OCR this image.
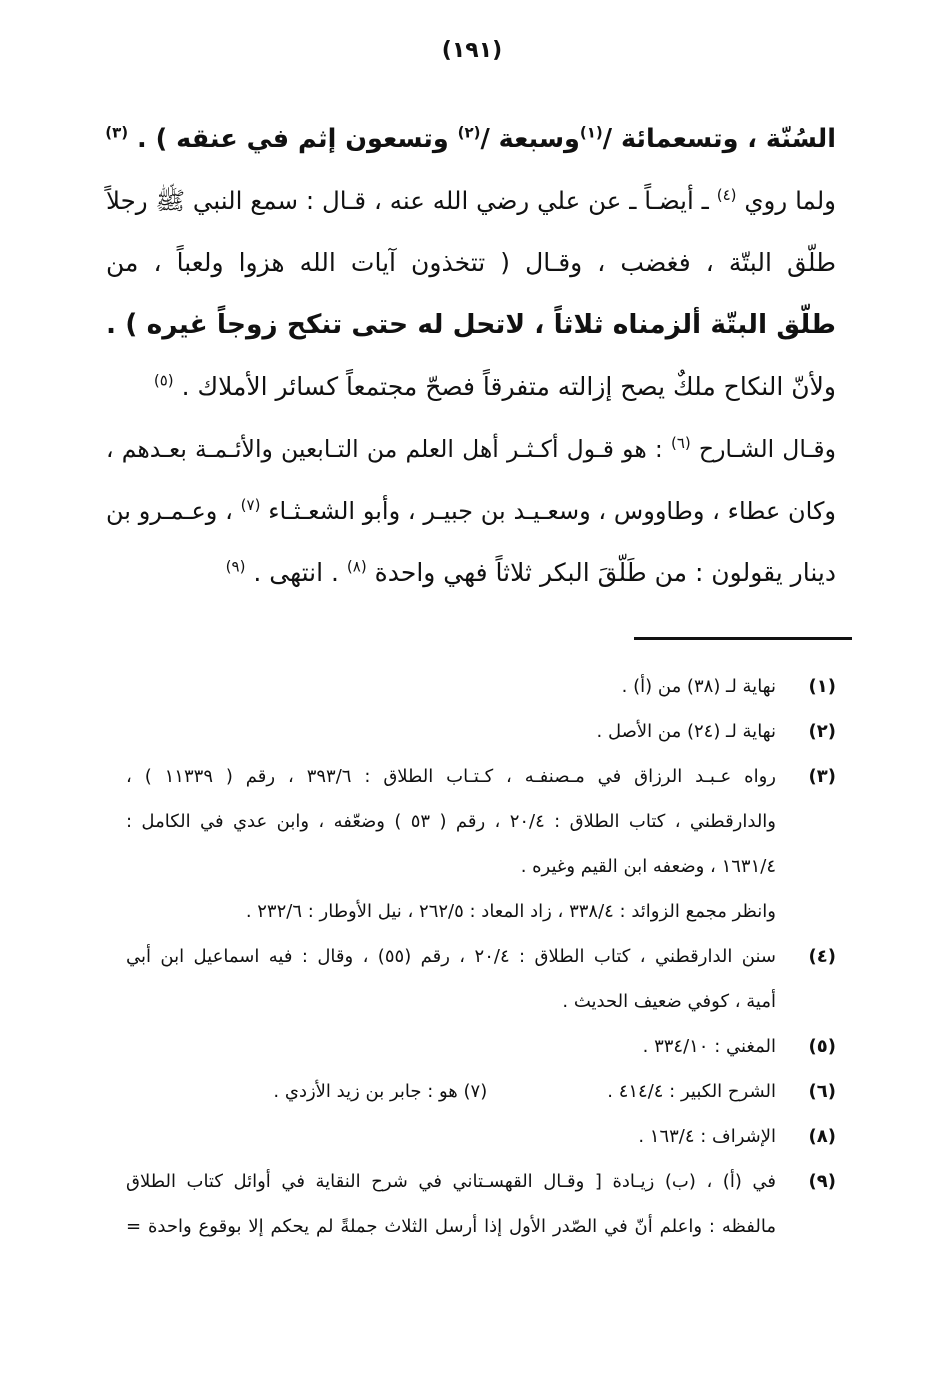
(١٩١)
السُنّة ، وتسعمائة /$^{(١)}$وسبعة /$^{(٢)}$ وتسعون إثم في عنقه ) . $^{(٣)}$
ولما روي $^{(٤)}$ ـ أيضـاً ـ عن علي رضي الله عنه ، قـال : سمع النبي ﷺ رجلاً
طلّق البتّة ، فغضب ، وقـال ( تتخذون آيات الله هزوا ولعباً ، من
طلّق البتّة ألزمناه ثلاثاً ، لاتحل له حتى تنكح زوجاً غيره ) .
ولأنّ النكاح ملكٌ يصح إزالته متفرقاً فصحّ مجتمعاً كسائر الأملاك . $^{(٥)}$
وقـال الشـارح $^{(٦)}$ : هو قـول أكـثـر أهل العلم من التـابعين والأئـمـة بعـدهم ،
وكان عطاء ، وطاووس ، وسعـيـد بن جبيـر ، وأبو الشعـثـاء $^{(٧)}$ ، وعـمـرو بن
دينار يقولون : من طَلّقَ البكر ثلاثاً فهي واحدة $^{(٨)}$ . انتهى . $^{(٩)}$
(١)
نهاية لـ (٣٨) من (أ) .
(٢)
نهاية لـ (٢٤) من الأصل .
(٣)
رواه عـبـد الرزاق في مـصنفـه ، كـتـاب الطلاق : ٣٩٣/٦ ، رقم ( ١١٣٣٩ ) ،
والدارقطني ، كتاب الطلاق : ٢٠/٤ ، رقم ( ٥٣ ) وضعّفه ، وابن عدي في الكامل :
١٦٣١/٤ ، وضعفه ابن القيم وغيره .
وانظر مجمع الزوائد : ٣٣٨/٤ ، زاد المعاد : ٢٦٢/٥ ، نيل الأوطار : ٢٣٢/٦ .
(٤)
سنن الدارقطني ، كتاب الطلاق : ٢٠/٤ ، رقم (٥٥) ، وقال : فيه اسماعيل ابن أبي
أمية ، كوفي ضعيف الحديث .
(٥)
المغني : ٣٣٤/١٠ .
(٦)
الشرح الكبير : ٤١٤/٤ .(٧) هو : جابر بن زيد الأزدي .
(٨)
الإشراف : ١٦٣/٤ .
(٩)
في (أ) ، (ب) زيـادة [ وقـال القهسـتاني في شرح النقاية في أوائل كتاب الطلاق
مالفظه : واعلم أنّ في الصّدر الأول إذا أرسل الثلاث جملةً لم يحكم إلا بوقوع واحدة =
